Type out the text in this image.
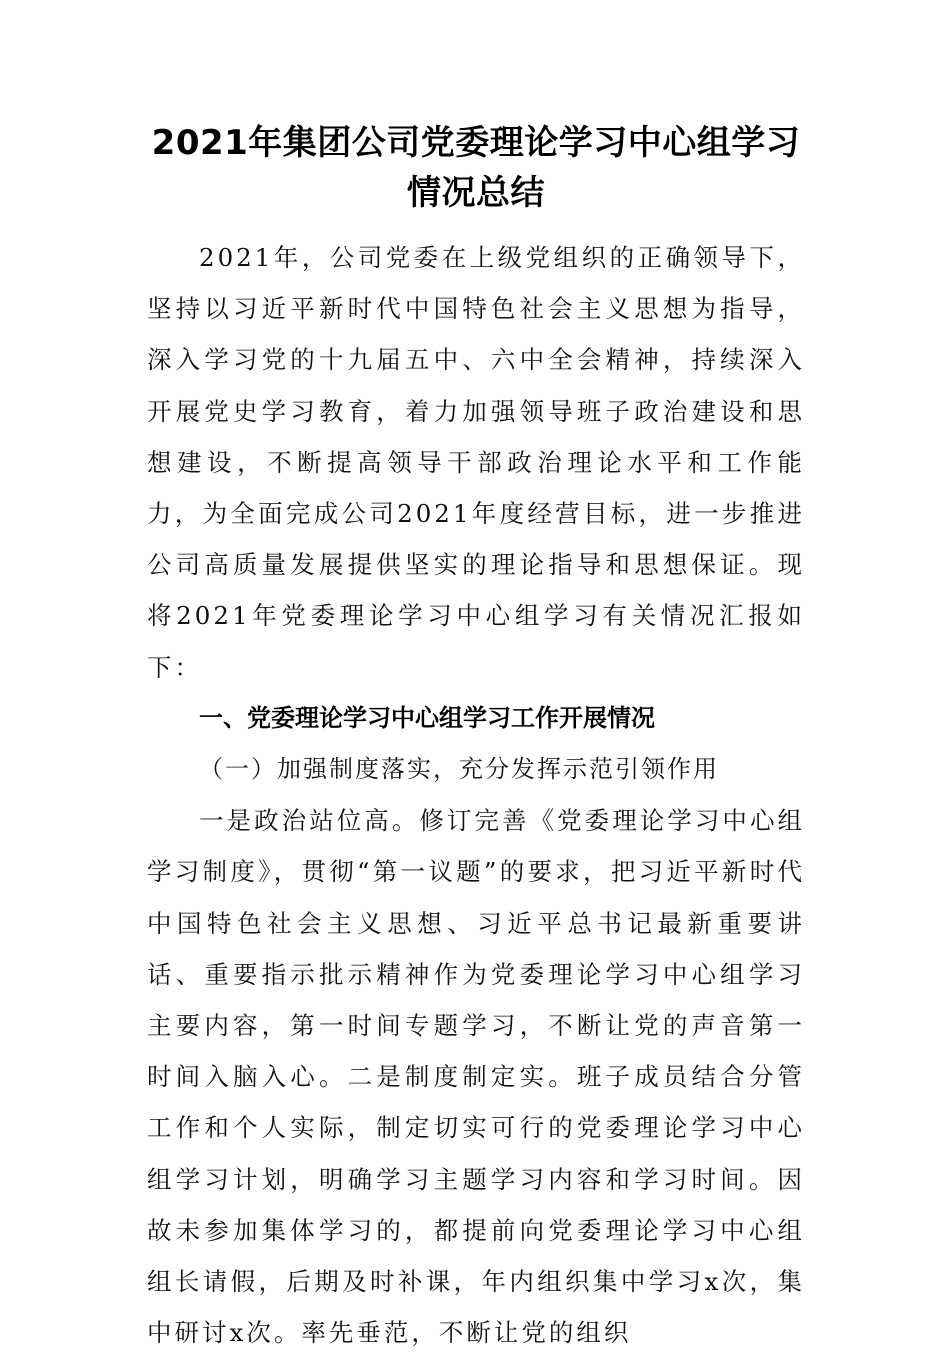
2021年集团公司党委理论学习中心组学习
情况总结

2021年，公司党委在上级党组织的正确领导下，坚持以习近平新时代中国特色社会主义思想为指导，深入学习党的十九届五中、六中全会精神，持续深入开展党史学习教育，着力加强领导班子政治建设和思想建设，不断提高领导干部政治理论水平和工作能力，为全面完成公司2021年度经营目标，进一步推进公司高质量发展提供坚实的理论指导和思想保证。现将2021年党委理论学习中心组学习有关情况汇报如下：

一、党委理论学习中心组学习工作开展情况

（一）加强制度落实，充分发挥示范引领作用

一是政治站位高。修订完善《党委理论学习中心组学习制度》，贯彻“第一议题”的要求，把习近平新时代中国特色社会主义思想、习近平总书记最新重要讲话、重要指示批示精神作为党委理论学习中心组学习主要内容，第一时间专题学习，不断让党的声音第一时间入脑入心。二是制度制定实。班子成员结合分管工作和个人实际，制定切实可行的党委理论学习中心组学习计划，明确学习主题学习内容和学习时间。因故未参加集体学习的，都提前向党委理论学习中心组组长请假，后期及时补课，年内组织集中学习x次，集中研讨x次。率先垂范，不断让党的组织
